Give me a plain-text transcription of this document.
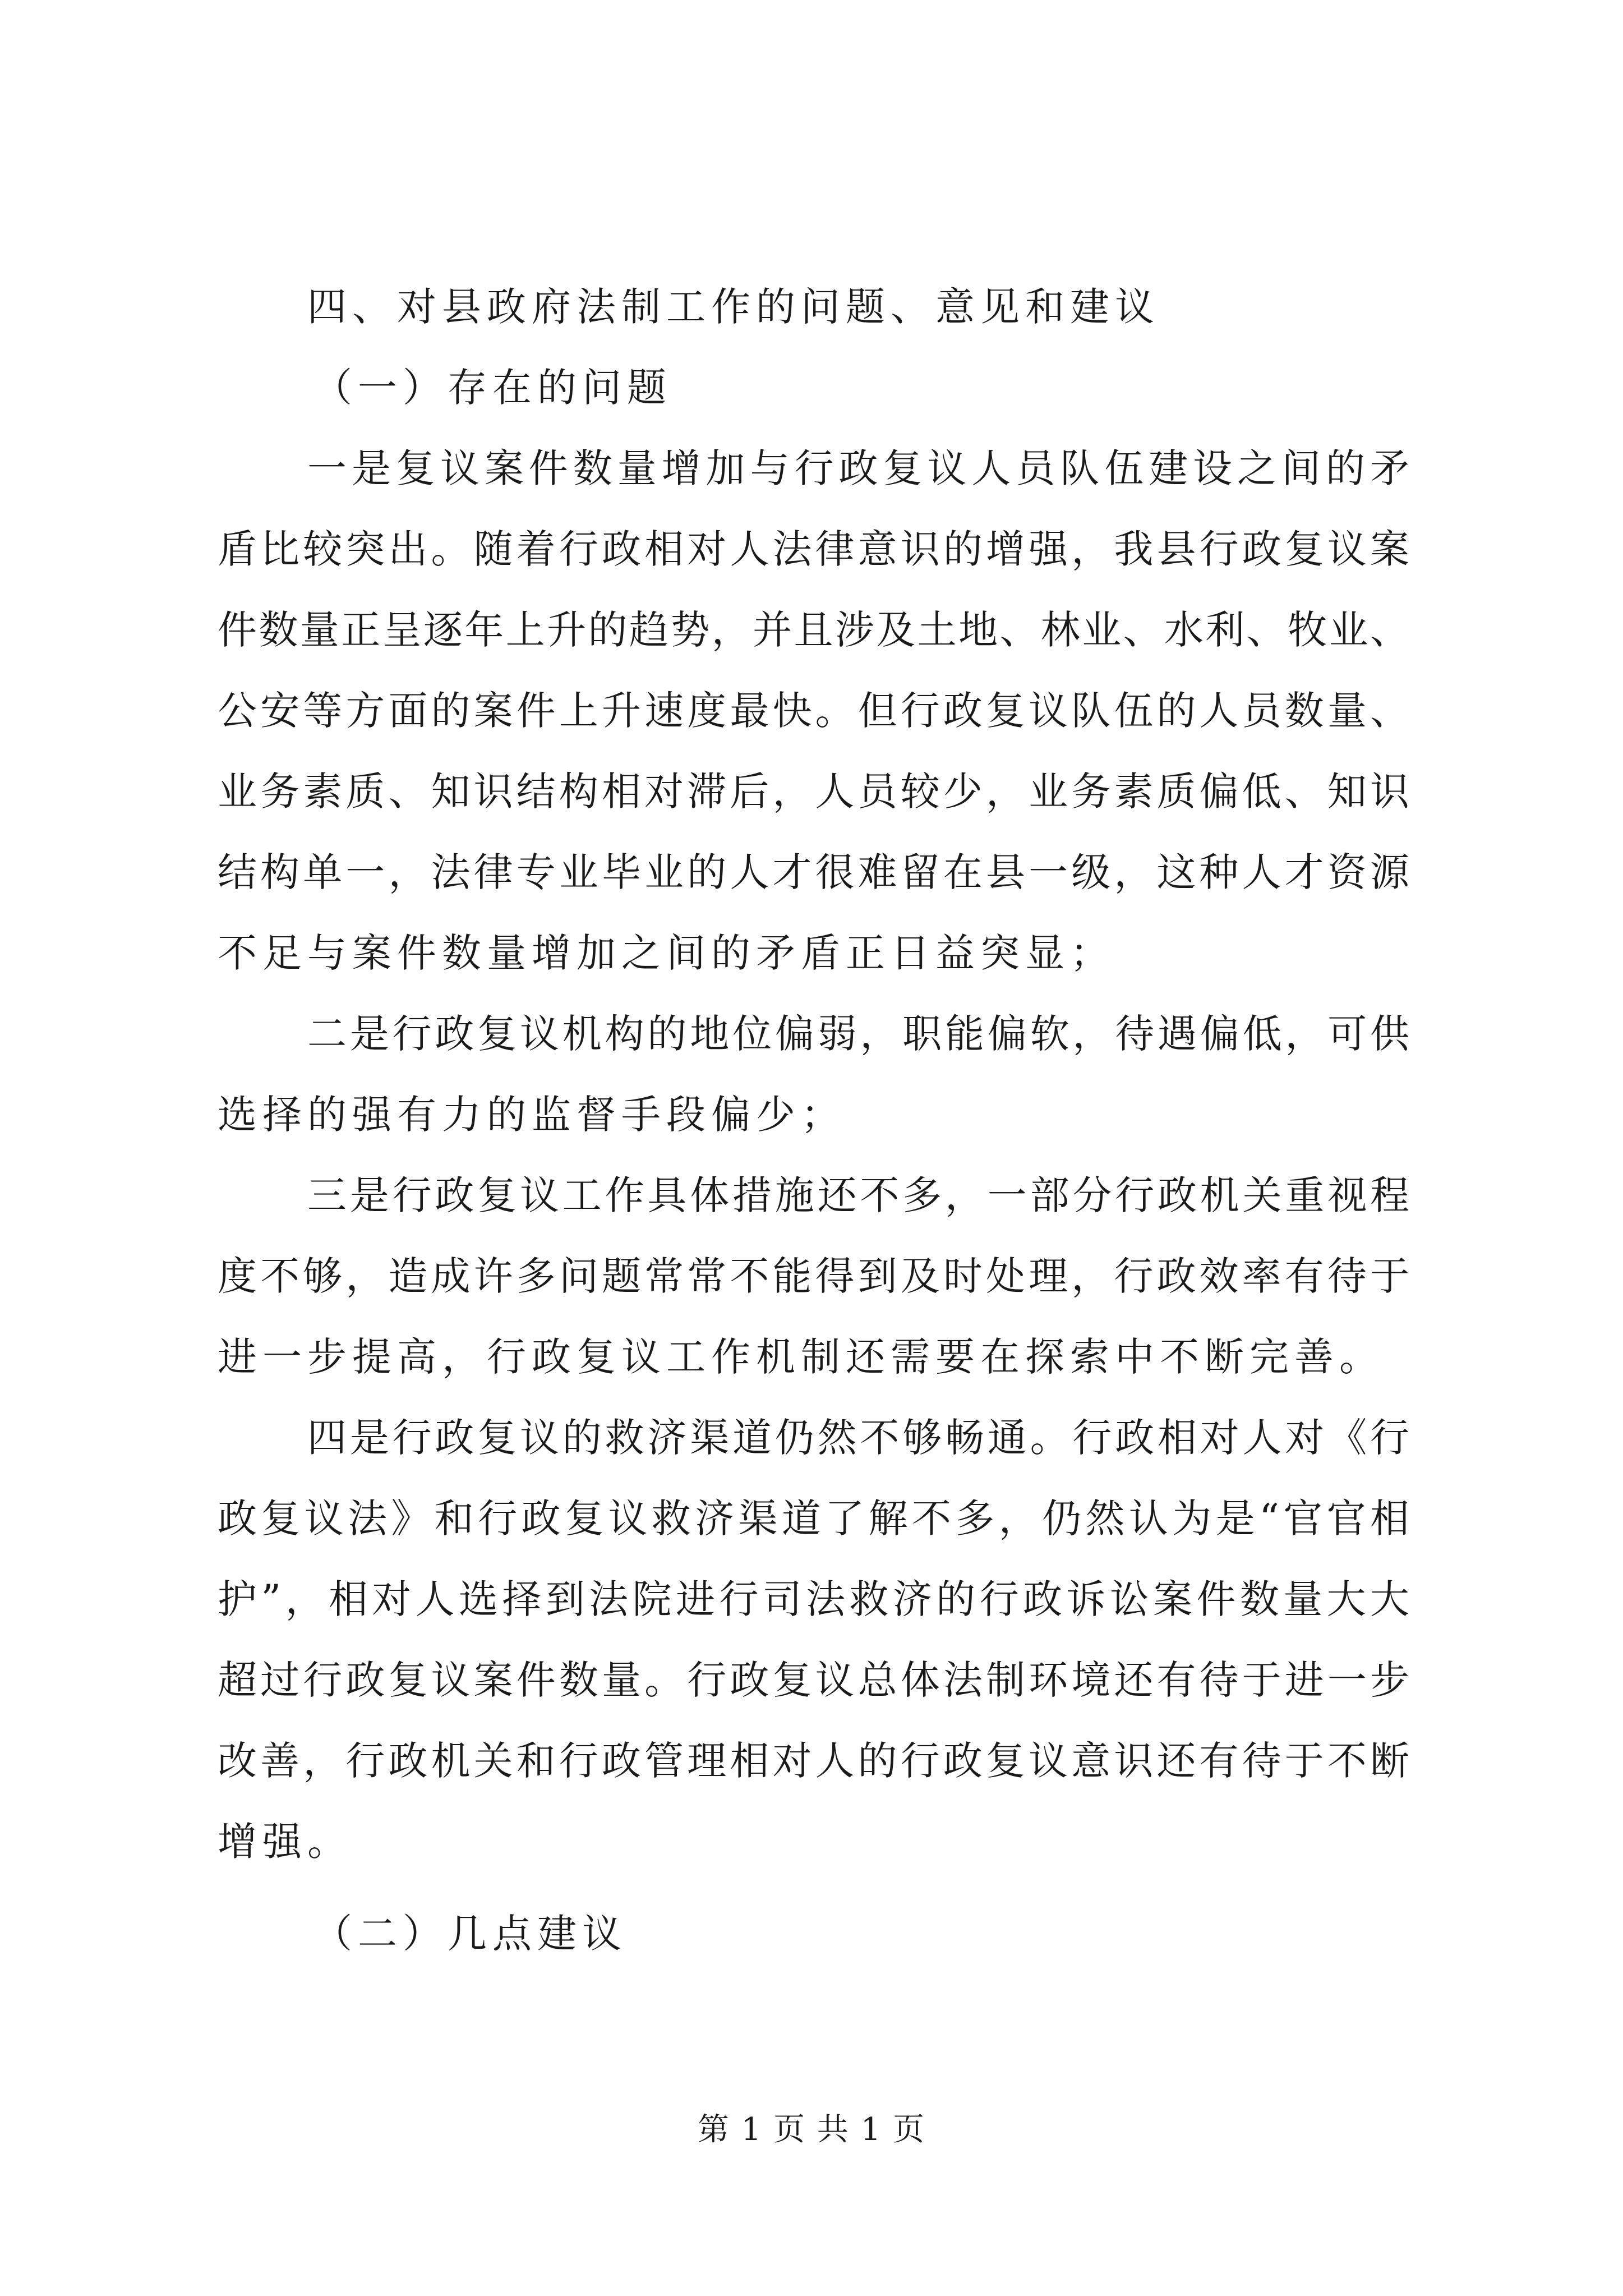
四、对县政府法制工作的问题、意见和建议
（一）存在的问题
一是复议案件数量增加与行政复议人员队伍建设之间的矛
盾比较突出。随着行政相对人法律意识的增强，我县行政复议案
件数量正呈逐年上升的趋势，并且涉及土地、林业、水利、牧业、
公安等方面的案件上升速度最快。但行政复议队伍的人员数量、
业务素质、知识结构相对滞后，人员较少，业务素质偏低、知识
结构单一，法律专业毕业的人才很难留在县一级，这种人才资源
不足与案件数量增加之间的矛盾正日益突显；
二是行政复议机构的地位偏弱，职能偏软，待遇偏低，可供
选择的强有力的监督手段偏少；
三是行政复议工作具体措施还不多，一部分行政机关重视程
度不够，造成许多问题常常不能得到及时处理，行政效率有待于
进一步提高，行政复议工作机制还需要在探索中不断完善。
四是行政复议的救济渠道仍然不够畅通。行政相对人对《行
政复议法》和行政复议救济渠道了解不多，仍然认为是“官官相
护”，相对人选择到法院进行司法救济的行政诉讼案件数量大大
超过行政复议案件数量。行政复议总体法制环境还有待于进一步
改善，行政机关和行政管理相对人的行政复议意识还有待于不断
增强。
（二）几点建议
第 1 页 共 1 页
